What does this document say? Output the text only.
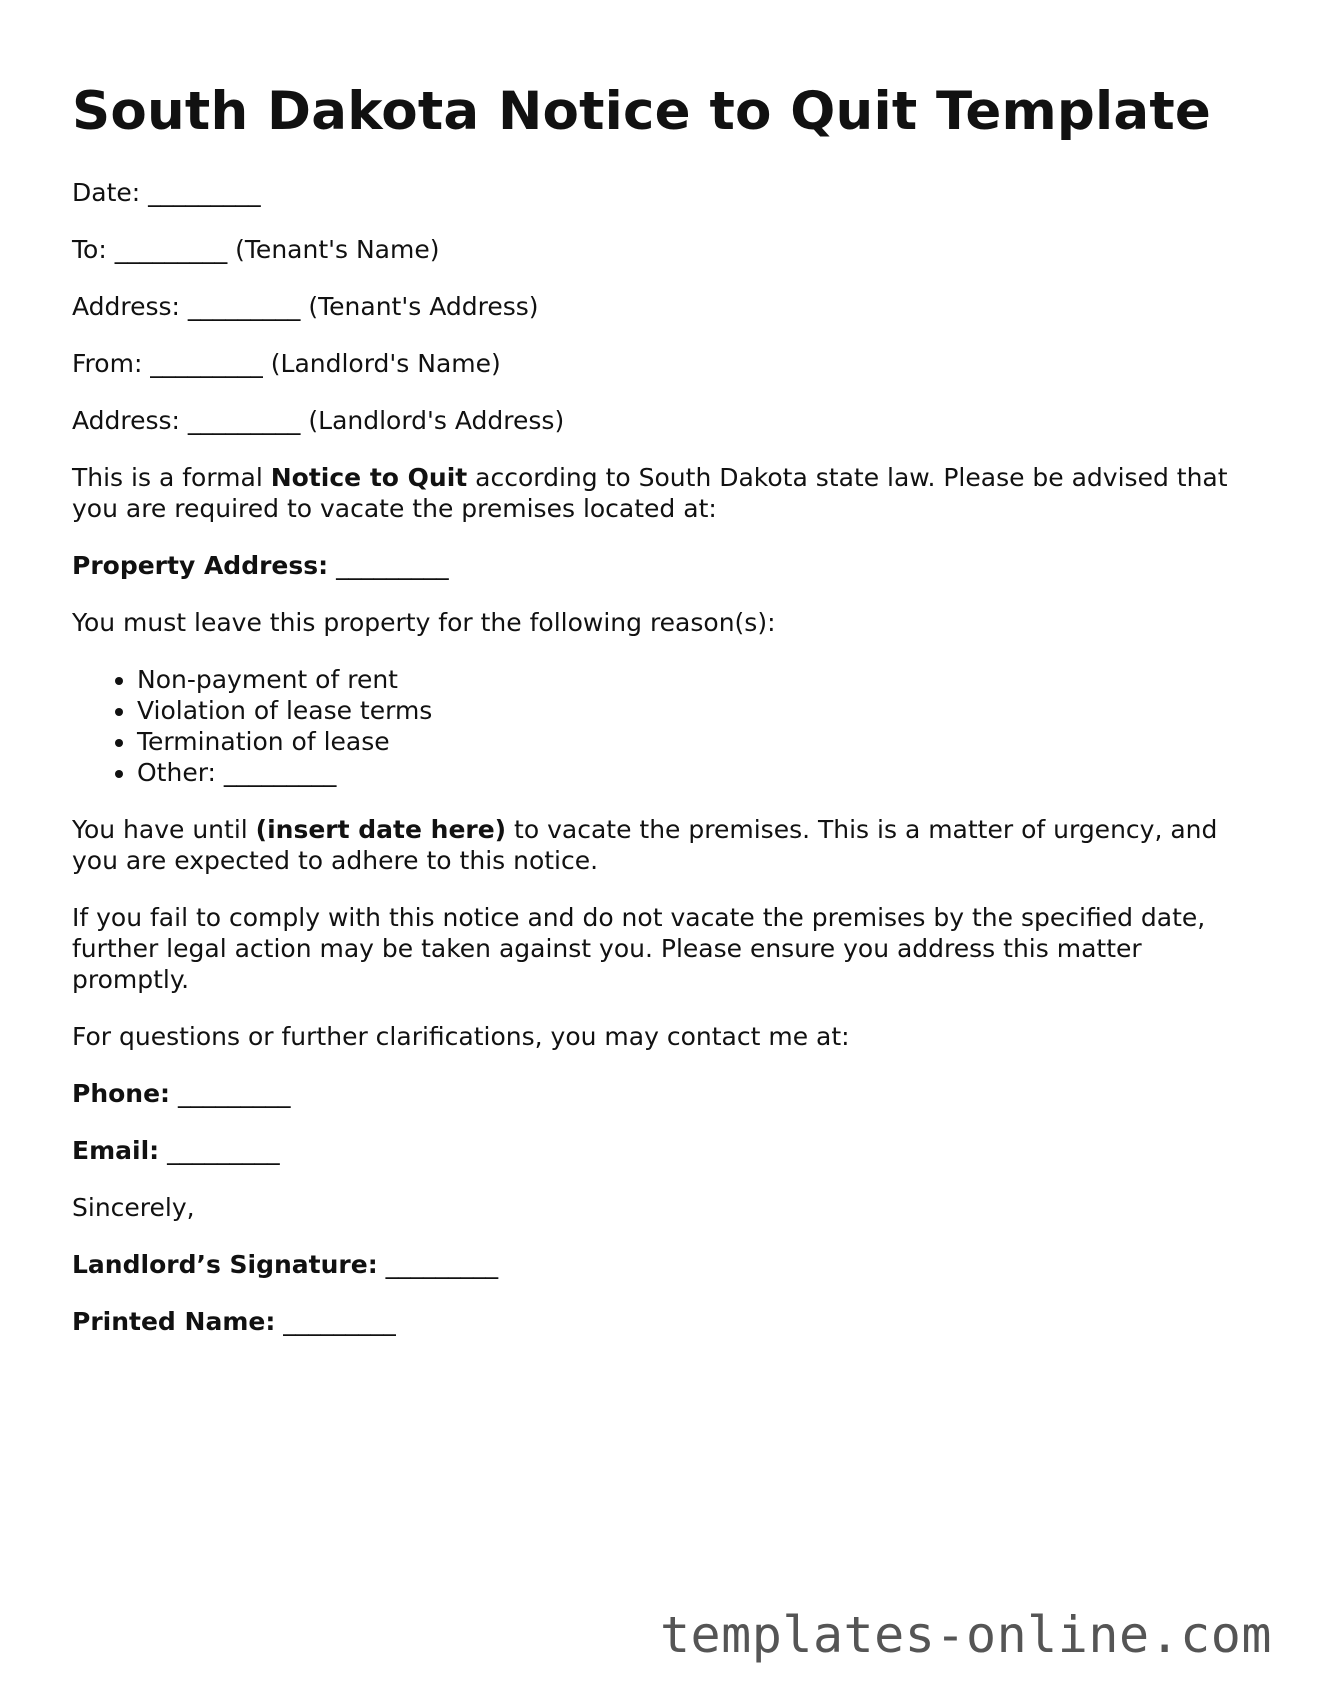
South Dakota Notice to Quit Template

Date: _________

To: _________ (Tenant's Name)

Address: _________ (Tenant's Address)

From: _________ (Landlord's Name)

Address: _________ (Landlord's Address)

This is a formal Notice to Quit according to South Dakota state law. Please be advised that you are required to vacate the premises located at:

Property Address: _________

You must leave this property for the following reason(s):

• Non-payment of rent
• Violation of lease terms
• Termination of lease
• Other: _________

You have until (insert date here) to vacate the premises. This is a matter of urgency, and you are expected to adhere to this notice.

If you fail to comply with this notice and do not vacate the premises by the specified date, further legal action may be taken against you. Please ensure you address this matter promptly.

For questions or further clarifications, you may contact me at:

Phone: _________

Email: _________

Sincerely,

Landlord’s Signature: _________

Printed Name: _________

templates-online.com
